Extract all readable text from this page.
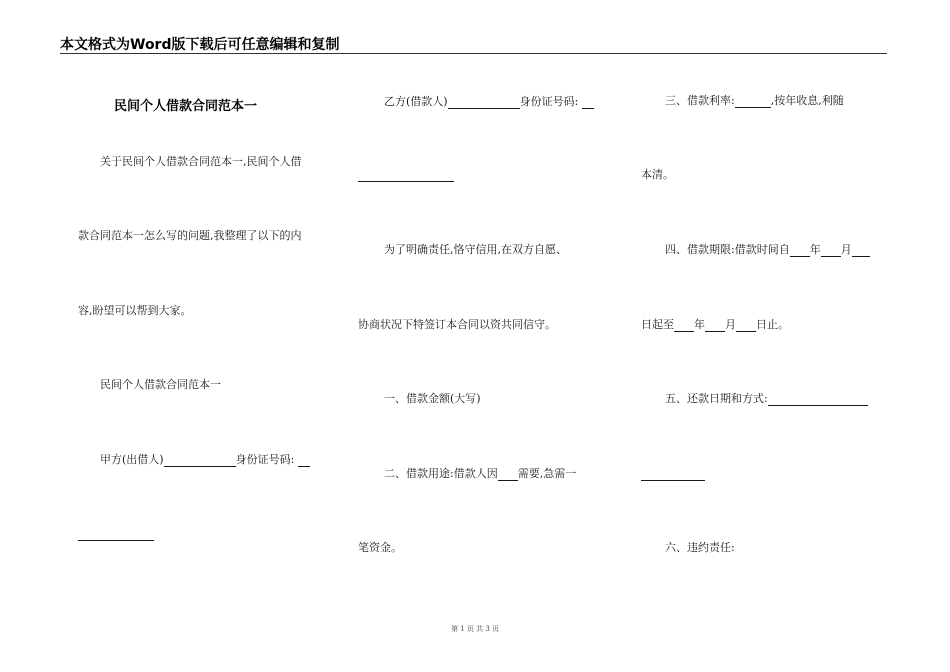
本文格式为Word版下载后可任意编辑和复制
民间个人借款合同范本一
关于民间个人借款合同范本一,民间个人借
款合同范本一怎么写的问题,我整理了以下的内
容,盼望可以帮到大家。
民间个人借款合同范本一
甲方(出借人)	身份证号码:
乙方(借款人)	身份证号码:
为了明确责任,恪守信用,在双方自愿、
协商状况下特签订本合同以资共同信守。
一、借款金额(大写)
二、借款用途:借款人因 需要,急需一
笔资金。
三、借款利率:	,按年收息,利随
本清。
四、借款期限:借款时间自 年 月
日起至 年 月 日止。
五、还款日期和方式:
六、违约责任:
第 1 页 共 3 页
